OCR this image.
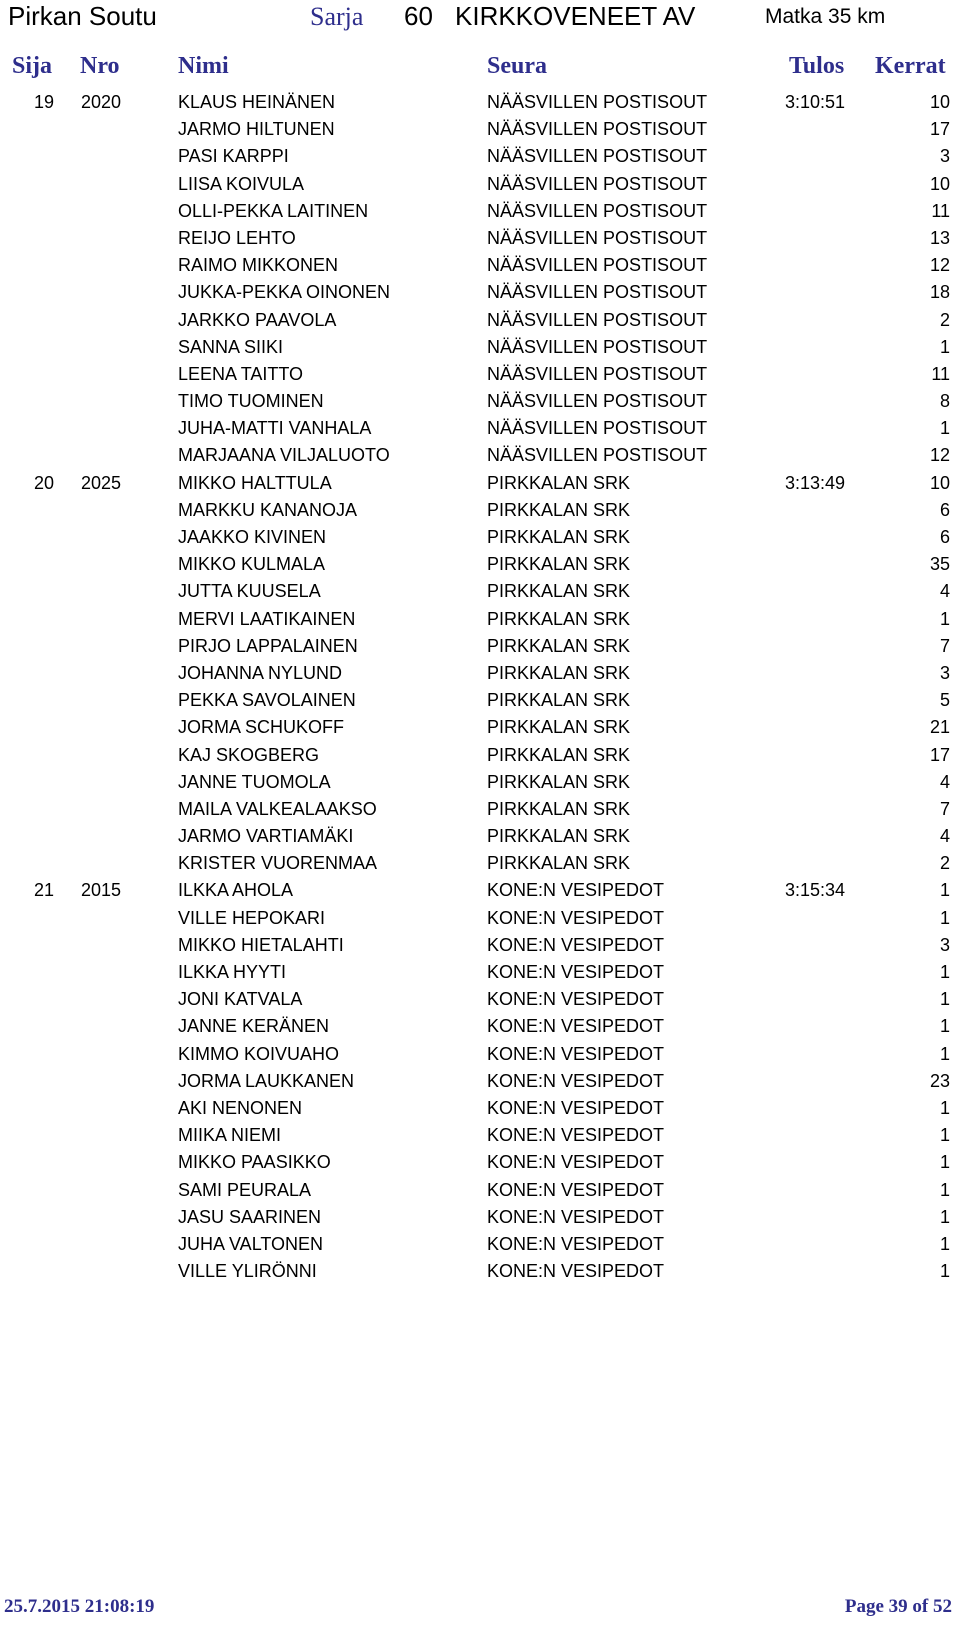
Pirkan Soutu	Sarja 60 KIRKKOVENEET AV	Matka 35 km
Sija Nro Nimi	Seura	Tulos Kerrat
19 2020	KLAUS HEINÄNEN	NÄÄSVILLEN POSTISOUT	3:10:51	10
JARMO HILTUNEN	NÄÄSVILLEN POSTISOUT	17
PASI KARPPI	NÄÄSVILLEN POSTISOUT	3
LIISA KOIVULA	NÄÄSVILLEN POSTISOUT	10
OLLI-PEKKA LAITINEN	NÄÄSVILLEN POSTISOUT	11
REIJO LEHTO	NÄÄSVILLEN POSTISOUT	13
RAIMO MIKKONEN	NÄÄSVILLEN POSTISOUT	12
JUKKA-PEKKA OINONEN	NÄÄSVILLEN POSTISOUT	18
JARKKO PAAVOLA	NÄÄSVILLEN POSTISOUT	2
SANNA SIIKI	NÄÄSVILLEN POSTISOUT	1
LEENA TAITTO	NÄÄSVILLEN POSTISOUT	11
TIMO TUOMINEN	NÄÄSVILLEN POSTISOUT	8
JUHA-MATTI VANHALA	NÄÄSVILLEN POSTISOUT	1
MARJAANA VILJALUOTO	NÄÄSVILLEN POSTISOUT	12
20 2025	MIKKO HALTTULA	PIRKKALAN SRK	3:13:49	10
MARKKU KANANOJA	PIRKKALAN SRK	6
JAAKKO KIVINEN	PIRKKALAN SRK	6
MIKKO KULMALA	PIRKKALAN SRK	35
JUTTA KUUSELA	PIRKKALAN SRK	4
MERVI LAATIKAINEN	PIRKKALAN SRK	1
PIRJO LAPPALAINEN	PIRKKALAN SRK	7
JOHANNA NYLUND	PIRKKALAN SRK	3
PEKKA SAVOLAINEN	PIRKKALAN SRK	5
JORMA SCHUKOFF	PIRKKALAN SRK	21
KAJ SKOGBERG	PIRKKALAN SRK	17
JANNE TUOMOLA	PIRKKALAN SRK	4
MAILA VALKEALAAKSO	PIRKKALAN SRK	7
JARMO VARTIAMÄKI	PIRKKALAN SRK	4
KRISTER VUORENMAA	PIRKKALAN SRK	2
21 2015	ILKKA AHOLA	KONE:N VESIPEDOT	3:15:34	1
VILLE HEPOKARI	KONE:N VESIPEDOT	1
MIKKO HIETALAHTI	KONE:N VESIPEDOT	3
ILKKA HYYTI	KONE:N VESIPEDOT	1
JONI KATVALA	KONE:N VESIPEDOT	1
JANNE KERÄNEN	KONE:N VESIPEDOT	1
KIMMO KOIVUAHO	KONE:N VESIPEDOT	1
JORMA LAUKKANEN	KONE:N VESIPEDOT	23
AKI NENONEN	KONE:N VESIPEDOT	1
MIIKA NIEMI	KONE:N VESIPEDOT	1
MIKKO PAASIKKO	KONE:N VESIPEDOT	1
SAMI PEURALA	KONE:N VESIPEDOT	1
JASU SAARINEN	KONE:N VESIPEDOT	1
JUHA VALTONEN	KONE:N VESIPEDOT	1
VILLE YLIRÖNNI	KONE:N VESIPEDOT	1
25.7.2015 21:08:19	Page 39 of 52
